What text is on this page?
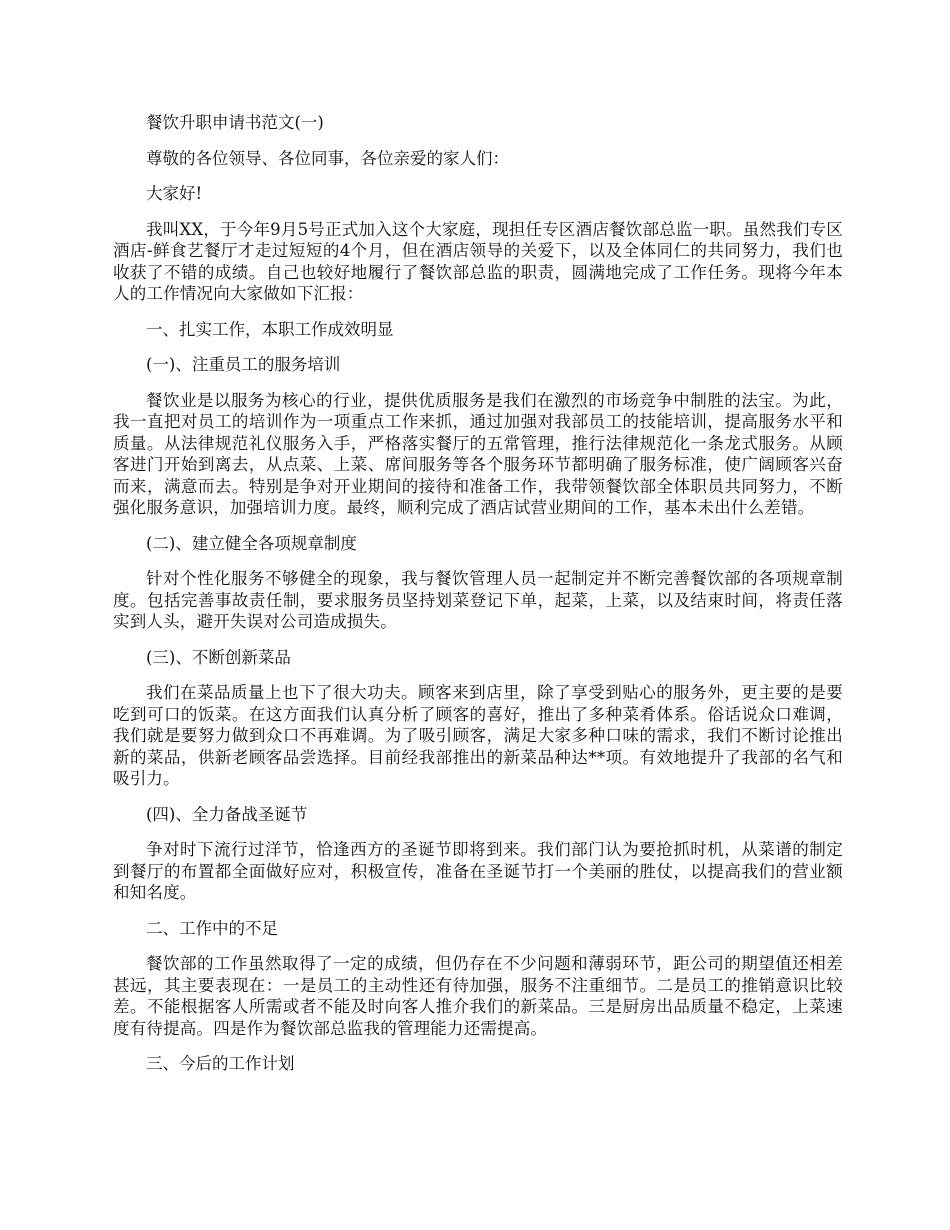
餐饮升职申请书范文(一)

尊敬的各位领导、各位同事，各位亲爱的家人们：

大家好!

我叫XX，于今年9月5号正式加入这个大家庭，现担任专区酒店餐饮部总监一职。虽然我们专区酒店-鲜食艺餐厅才走过短短的4个月，但在酒店领导的关爱下，以及全体同仁的共同努力，我们也收获了不错的成绩。自己也较好地履行了餐饮部总监的职责，圆满地完成了工作任务。现将今年本人的工作情况向大家做如下汇报：

一、扎实工作，本职工作成效明显

(一)、注重员工的服务培训

餐饮业是以服务为核心的行业，提供优质服务是我们在激烈的市场竞争中制胜的法宝。为此，我一直把对员工的培训作为一项重点工作来抓，通过加强对我部员工的技能培训，提高服务水平和质量。从法律规范礼仪服务入手，严格落实餐厅的五常管理，推行法律规范化一条龙式服务。从顾客进门开始到离去，从点菜、上菜、席间服务等各个服务环节都明确了服务标准，使广阔顾客兴奋而来，满意而去。特别是争对开业期间的接待和准备工作，我带领餐饮部全体职员共同努力，不断强化服务意识，加强培训力度。最终，顺利完成了酒店试营业期间的工作，基本未出什么差错。

(二)、建立健全各项规章制度

针对个性化服务不够健全的现象，我与餐饮管理人员一起制定并不断完善餐饮部的各项规章制度。包括完善事故责任制，要求服务员坚持划菜登记下单，起菜，上菜，以及结束时间，将责任落实到人头，避开失误对公司造成损失。

(三)、不断创新菜品

我们在菜品质量上也下了很大功夫。顾客来到店里，除了享受到贴心的服务外，更主要的是要吃到可口的饭菜。在这方面我们认真分析了顾客的喜好，推出了多种菜肴体系。俗话说众口难调，我们就是要努力做到众口不再难调。为了吸引顾客，满足大家多种口味的需求，我们不断讨论推出新的菜品，供新老顾客品尝选择。目前经我部推出的新菜品种达**项。有效地提升了我部的名气和吸引力。

(四)、全力备战圣诞节

争对时下流行过洋节，恰逢西方的圣诞节即将到来。我们部门认为要抢抓时机，从菜谱的制定到餐厅的布置都全面做好应对，积极宣传，准备在圣诞节打一个美丽的胜仗，以提高我们的营业额和知名度。

二、工作中的不足

餐饮部的工作虽然取得了一定的成绩，但仍存在不少问题和薄弱环节，距公司的期望值还相差甚远，其主要表现在：一是员工的主动性还有待加强，服务不注重细节。二是员工的推销意识比较差。不能根据客人所需或者不能及时向客人推介我们的新菜品。三是厨房出品质量不稳定，上菜速度有待提高。四是作为餐饮部总监我的管理能力还需提高。

三、今后的工作计划
